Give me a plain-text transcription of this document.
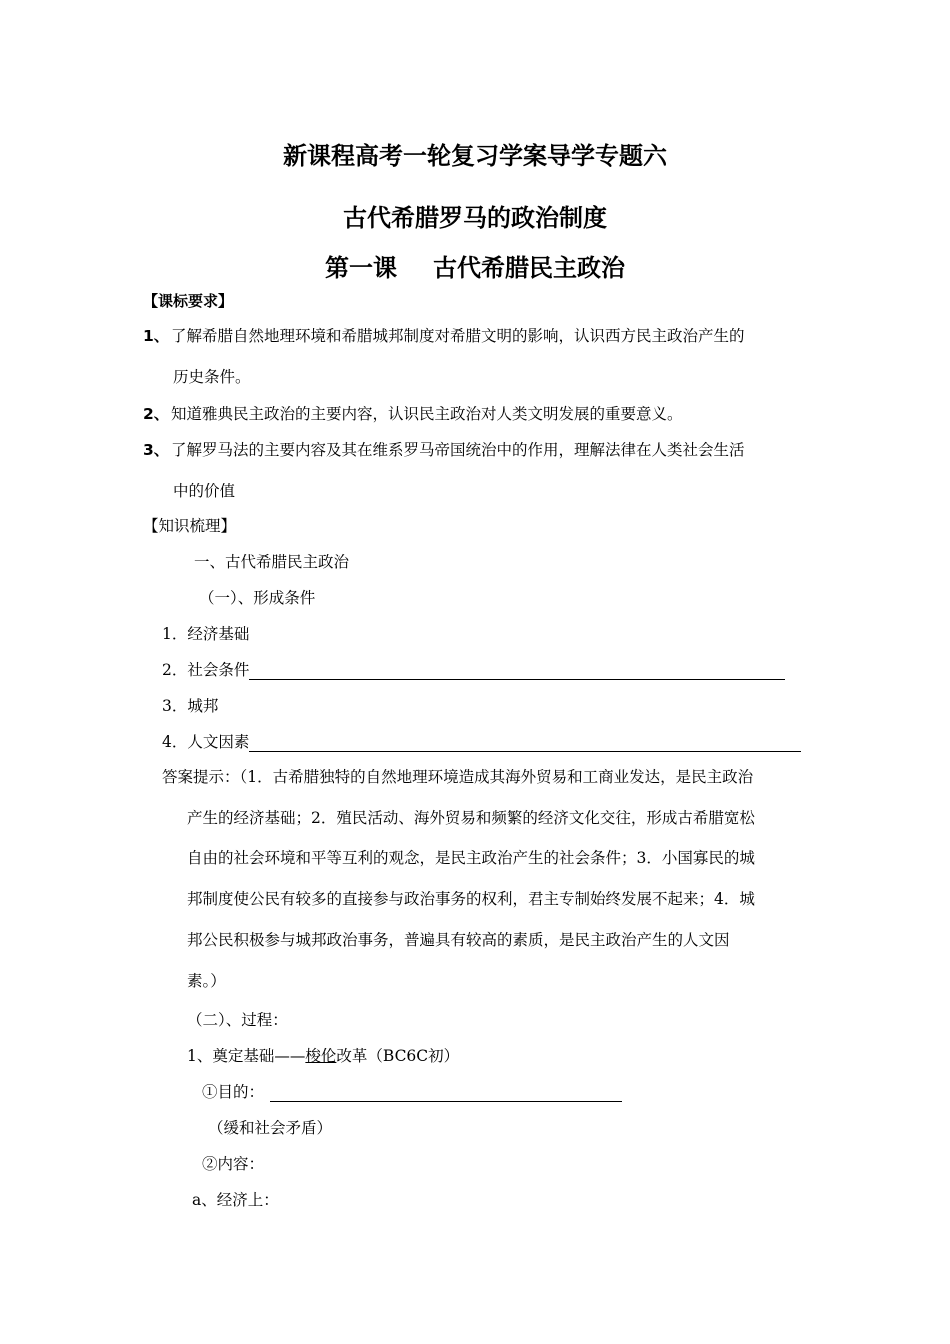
新课程高考一轮复习学案导学专题六
古代希腊罗马的政治制度
第一课 古代希腊民主政治
【课标要求】
1、 了解希腊自然地理环境和希腊城邦制度对希腊文明的影响，认识西方民主政治产生的
历史条件。
2、 知道雅典民主政治的主要内容，认识民主政治对人类文明发展的重要意义。
3、 了解罗马法的主要内容及其在维系罗马帝国统治中的作用，理解法律在人类社会生活
中的价值
【知识梳理】
一、古代希腊民主政治
（一）、形成条件
1．经济基础
2．社会条件
3．城邦
4．人文因素
答案提示：（1．古希腊独特的自然地理环境造成其海外贸易和工商业发达，是民主政治
产生的经济基础；2．殖民活动、海外贸易和频繁的经济文化交往，形成古希腊宽松
自由的社会环境和平等互利的观念，是民主政治产生的社会条件；3．小国寡民的城
邦制度使公民有较多的直接参与政治事务的权利，君主专制始终发展不起来；4．城
邦公民积极参与城邦政治事务，普遍具有较高的素质，是民主政治产生的人文因
素。）
（二）、过程：
1、奠定基础——梭伦改革（BC6C初）
①目的：
（缓和社会矛盾）
②内容：
a、经济上：
